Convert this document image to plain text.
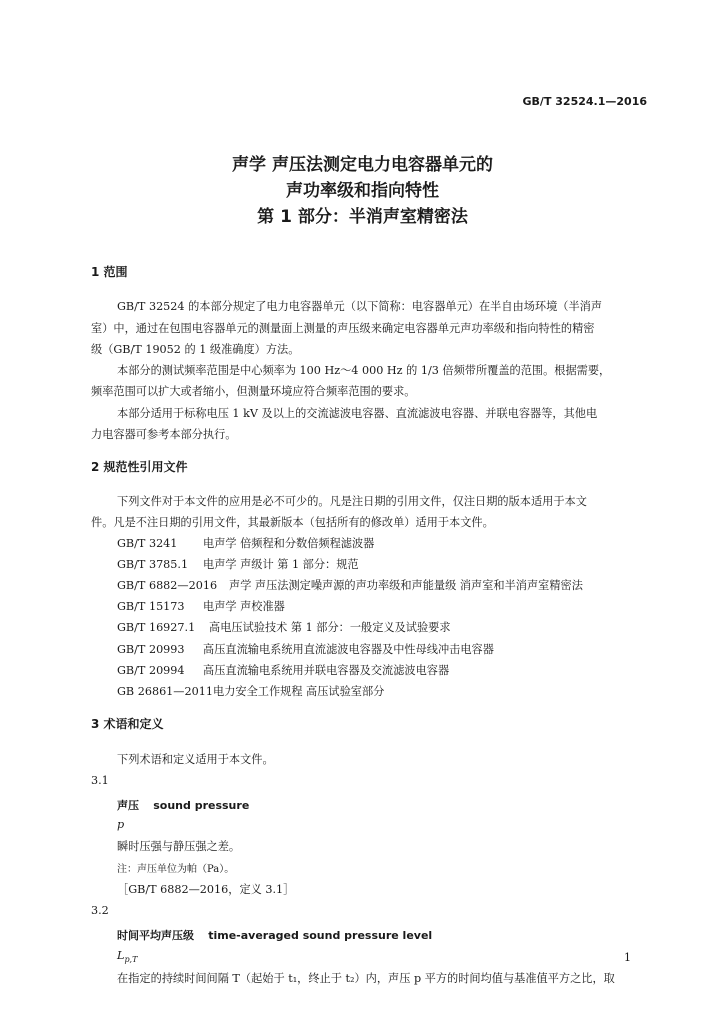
GB/T 32524.1—2016
声学 声压法测定电力电容器单元的
声功率级和指向特性
第 1 部分：半消声室精密法
1 范围
GB/T 32524 的本部分规定了电力电容器单元（以下简称：电容器单元）在半自由场环境（半消声
室）中，通过在包围电容器单元的测量面上测量的声压级来确定电容器单元声功率级和指向特性的精密
级（GB/T 19052 的 1 级准确度）方法。
本部分的测试频率范围是中心频率为 100 Hz～4 000 Hz 的 1/3 倍频带所覆盖的范围。根据需要，
频率范围可以扩大或者缩小，但测量环境应符合频率范围的要求。
本部分适用于标称电压 1 kV 及以上的交流滤波电容器、直流滤波电容器、并联电容器等，其他电
力电容器可参考本部分执行。
2 规范性引用文件
下列文件对于本文件的应用是必不可少的。凡是注日期的引用文件，仅注日期的版本适用于本文
件。凡是不注日期的引用文件，其最新版本（包括所有的修改单）适用于本文件。
GB/T 3241 电声学 倍频程和分数倍频程滤波器
GB/T 3785.1 电声学 声级计 第 1 部分：规范
GB/T 6882—2016 声学 声压法测定噪声源的声功率级和声能量级 消声室和半消声室精密法
GB/T 15173 电声学 声校准器
GB/T 16927.1 高电压试验技术 第 1 部分：一般定义及试验要求
GB/T 20993 高压直流输电系统用直流滤波电容器及中性母线冲击电容器
GB/T 20994 高压直流输电系统用并联电容器及交流滤波电容器
GB 26861—2011电力安全工作规程 高压试验室部分
3 术语和定义
下列术语和定义适用于本文件。
3.1
声压 sound pressure
p
瞬时压强与静压强之差。
注：声压单位为帕（Pa）。
［GB/T 6882—2016，定义 3.1］
3.2
时间平均声压级 time-averaged sound pressure level
$L_{p,T}$
在指定的持续时间间隔 T（起始于 t₁，终止于 t₂）内，声压 p 平方的时间均值与基准值平方之比，取
1
